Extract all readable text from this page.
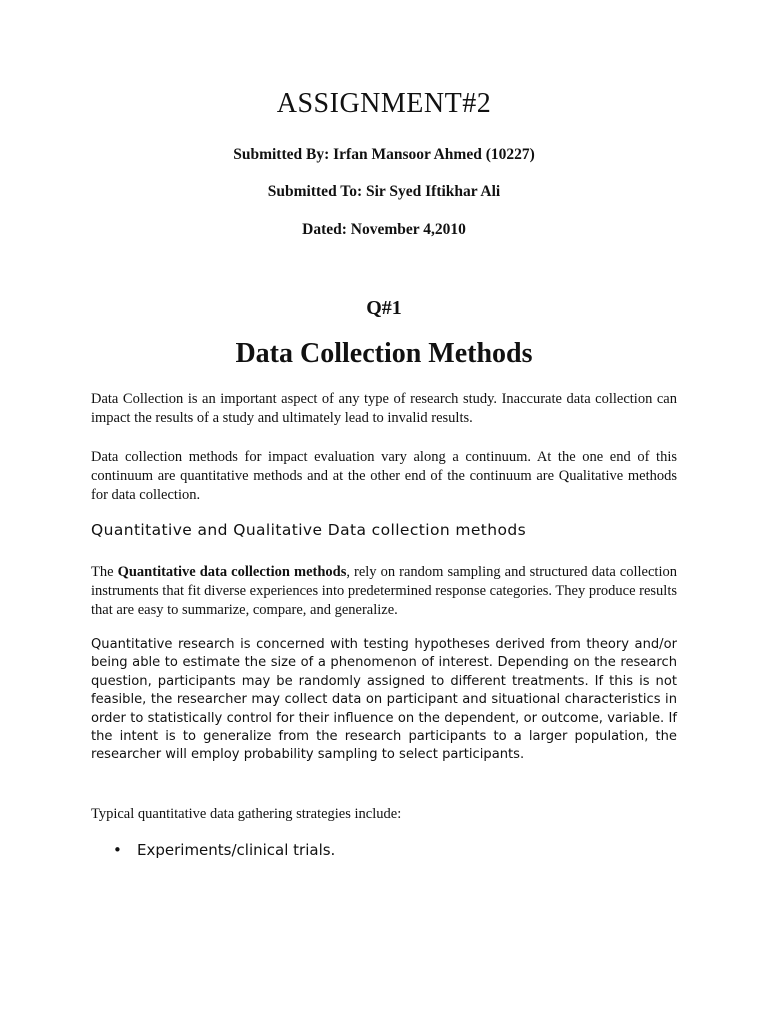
ASSIGNMENT#2
Submitted By: Irfan Mansoor Ahmed (10227)
Submitted To: Sir Syed Iftikhar Ali
Dated: November 4,2010
Q#1
Data Collection Methods

Data Collection is an important aspect of any type of research study. Inaccurate data collection can impact the results of a study and ultimately lead to invalid results.

Data collection methods for impact evaluation vary along a continuum. At the one end of this continuum are quantitative methods and at the other end of the continuum are Qualitative methods for data collection.

Quantitative and Qualitative Data collection methods

The Quantitative data collection methods, rely on random sampling and structured data collection instruments that fit diverse experiences into predetermined response categories. They produce results that are easy to summarize, compare, and generalize.

Quantitative research is concerned with testing hypotheses derived from theory and/or being able to estimate the size of a phenomenon of interest. Depending on the research question, participants may be randomly assigned to different treatments. If this is not feasible, the researcher may collect data on participant and situational characteristics in order to statistically control for their influence on the dependent, or outcome, variable. If the intent is to generalize from the research participants to a larger population, the researcher will employ probability sampling to select participants.

Typical quantitative data gathering strategies include:

• Experiments/clinical trials.
